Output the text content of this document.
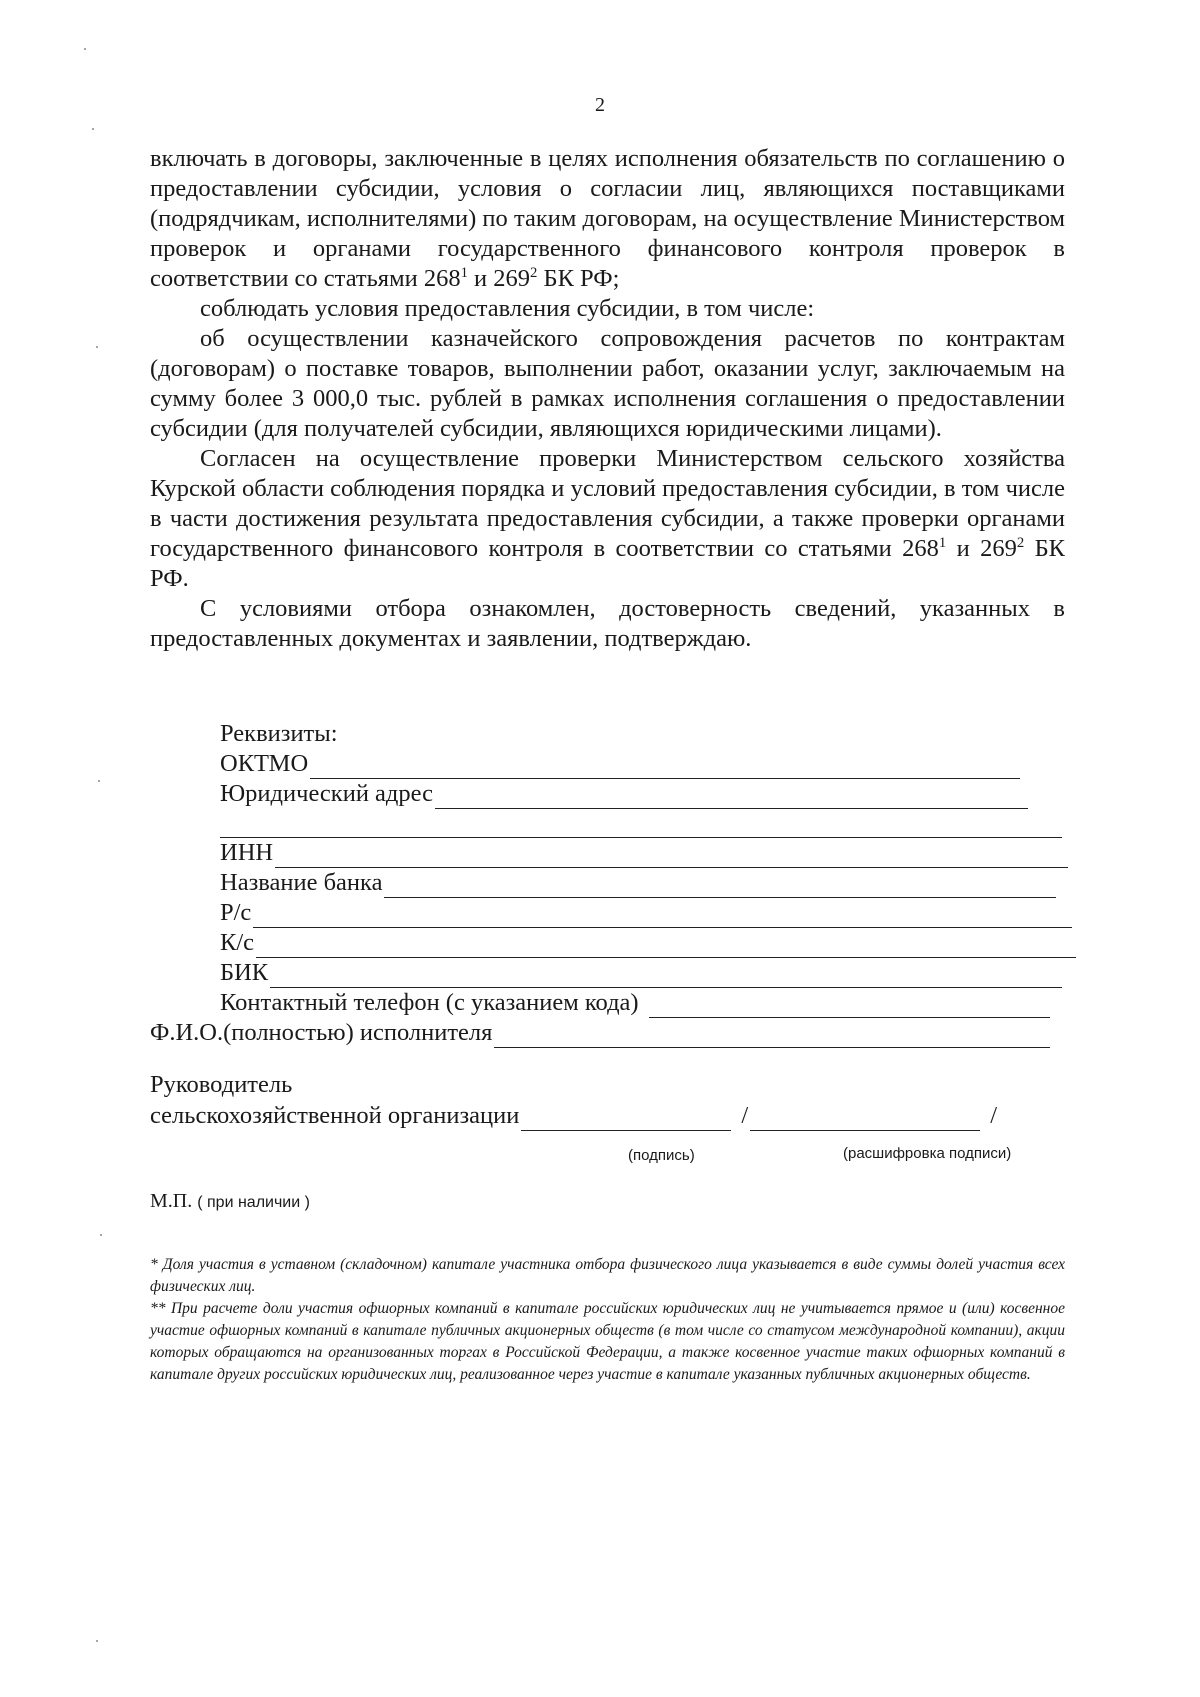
2

включать в договоры, заключенные в целях исполнения обязательств по соглашению о предоставлении субсидии, условия о согласии лиц, являющихся поставщиками (подрядчикам, исполнителями) по таким договорам, на осуществление Министерством проверок и органами государственного финансового контроля проверок в соответствии со статьями $268^1$ и $269^2$ БК РФ;

соблюдать условия предоставления субсидии, в том числе:

об осуществлении казначейского сопровождения расчетов по контрактам (договорам) о поставке товаров, выполнении работ, оказании услуг, заключаемым на сумму более 3 000,0 тыс. рублей в рамках исполнения соглашения о предоставлении субсидии (для получателей субсидии, являющихся юридическими лицами).

Согласен на осуществление проверки Министерством сельского хозяйства Курской области соблюдения порядка и условий предоставления субсидии, в том числе в части достижения результата предоставления субсидии, а также проверки органами государственного финансового контроля в соответствии со статьями $268^1$ и $269^2$ БК РФ.

С условиями отбора ознакомлен, достоверность сведений, указанных в предоставленных документах и заявлении, подтверждаю.

Реквизиты:
ОКТМО
Юридический адрес
ИНН
Название банка
Р/с
К/с
БИК
Контактный телефон (с указанием кода)
Ф.И.О.(полностью) исполнителя
Руководитель
сельскохозяйственной организации	/	/
(подпись)	(расшифровка подписи)
М.П. ( при наличии )

* Доля участия в уставном (складочном) капитале участника отбора физического лица указывается в виде суммы долей участия всех физических лиц.

** При расчете доли участия офшорных компаний в капитале российских юридических лиц не учитывается прямое и (или) косвенное участие офшорных компаний в капитале публичных акционерных обществ (в том числе со статусом международной компании), акции которых обращаются на организованных торгах в Российской Федерации, а также косвенное участие таких офшорных компаний в капитале других российских юридических лиц, реализованное через участие в капитале указанных публичных акционерных обществ.
